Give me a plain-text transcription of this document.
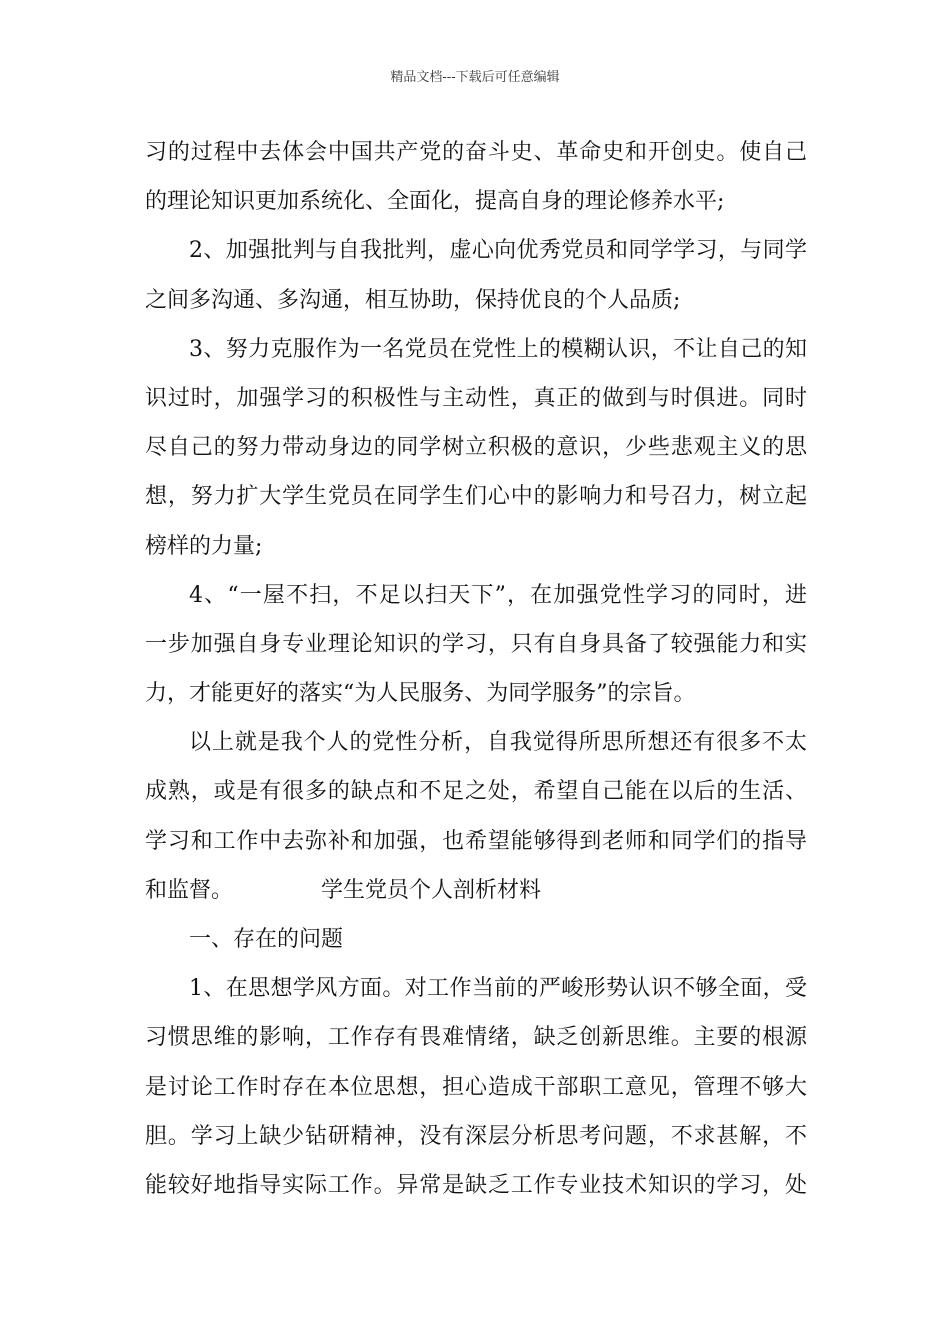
精品文档---下载后可任意编辑
习的过程中去体会中国共产党的奋斗史、革命史和开创史。使自己
的理论知识更加系统化、全面化，提高自身的理论修养水平;
2、加强批判与自我批判，虚心向优秀党员和同学学习，与同学
之间多沟通、多沟通，相互协助，保持优良的个人品质;
3、努力克服作为一名党员在党性上的模糊认识，不让自己的知
识过时，加强学习的积极性与主动性，真正的做到与时俱进。同时
尽自己的努力带动身边的同学树立积极的意识，少些悲观主义的思
想，努力扩大学生党员在同学生们心中的影响力和号召力，树立起
榜样的力量;
4、“一屋不扫，不足以扫天下”，在加强党性学习的同时，进
一步加强自身专业理论知识的学习，只有自身具备了较强能力和实
力，才能更好的落实“为人民服务、为同学服务”的宗旨。
以上就是我个人的党性分析，自我觉得所思所想还有很多不太
成熟，或是有很多的缺点和不足之处，希望自己能在以后的生活、
学习和工作中去弥补和加强，也希望能够得到老师和同学们的指导
和监督。	学生党员个人剖析材料
一、存在的问题
1、在思想学风方面。对工作当前的严峻形势认识不够全面，受
习惯思维的影响，工作存有畏难情绪，缺乏创新思维。主要的根源
是讨论工作时存在本位思想，担心造成干部职工意见，管理不够大
胆。学习上缺少钻研精神，没有深层分析思考问题，不求甚解，不
能较好地指导实际工作。异常是缺乏工作专业技术知识的学习，处
